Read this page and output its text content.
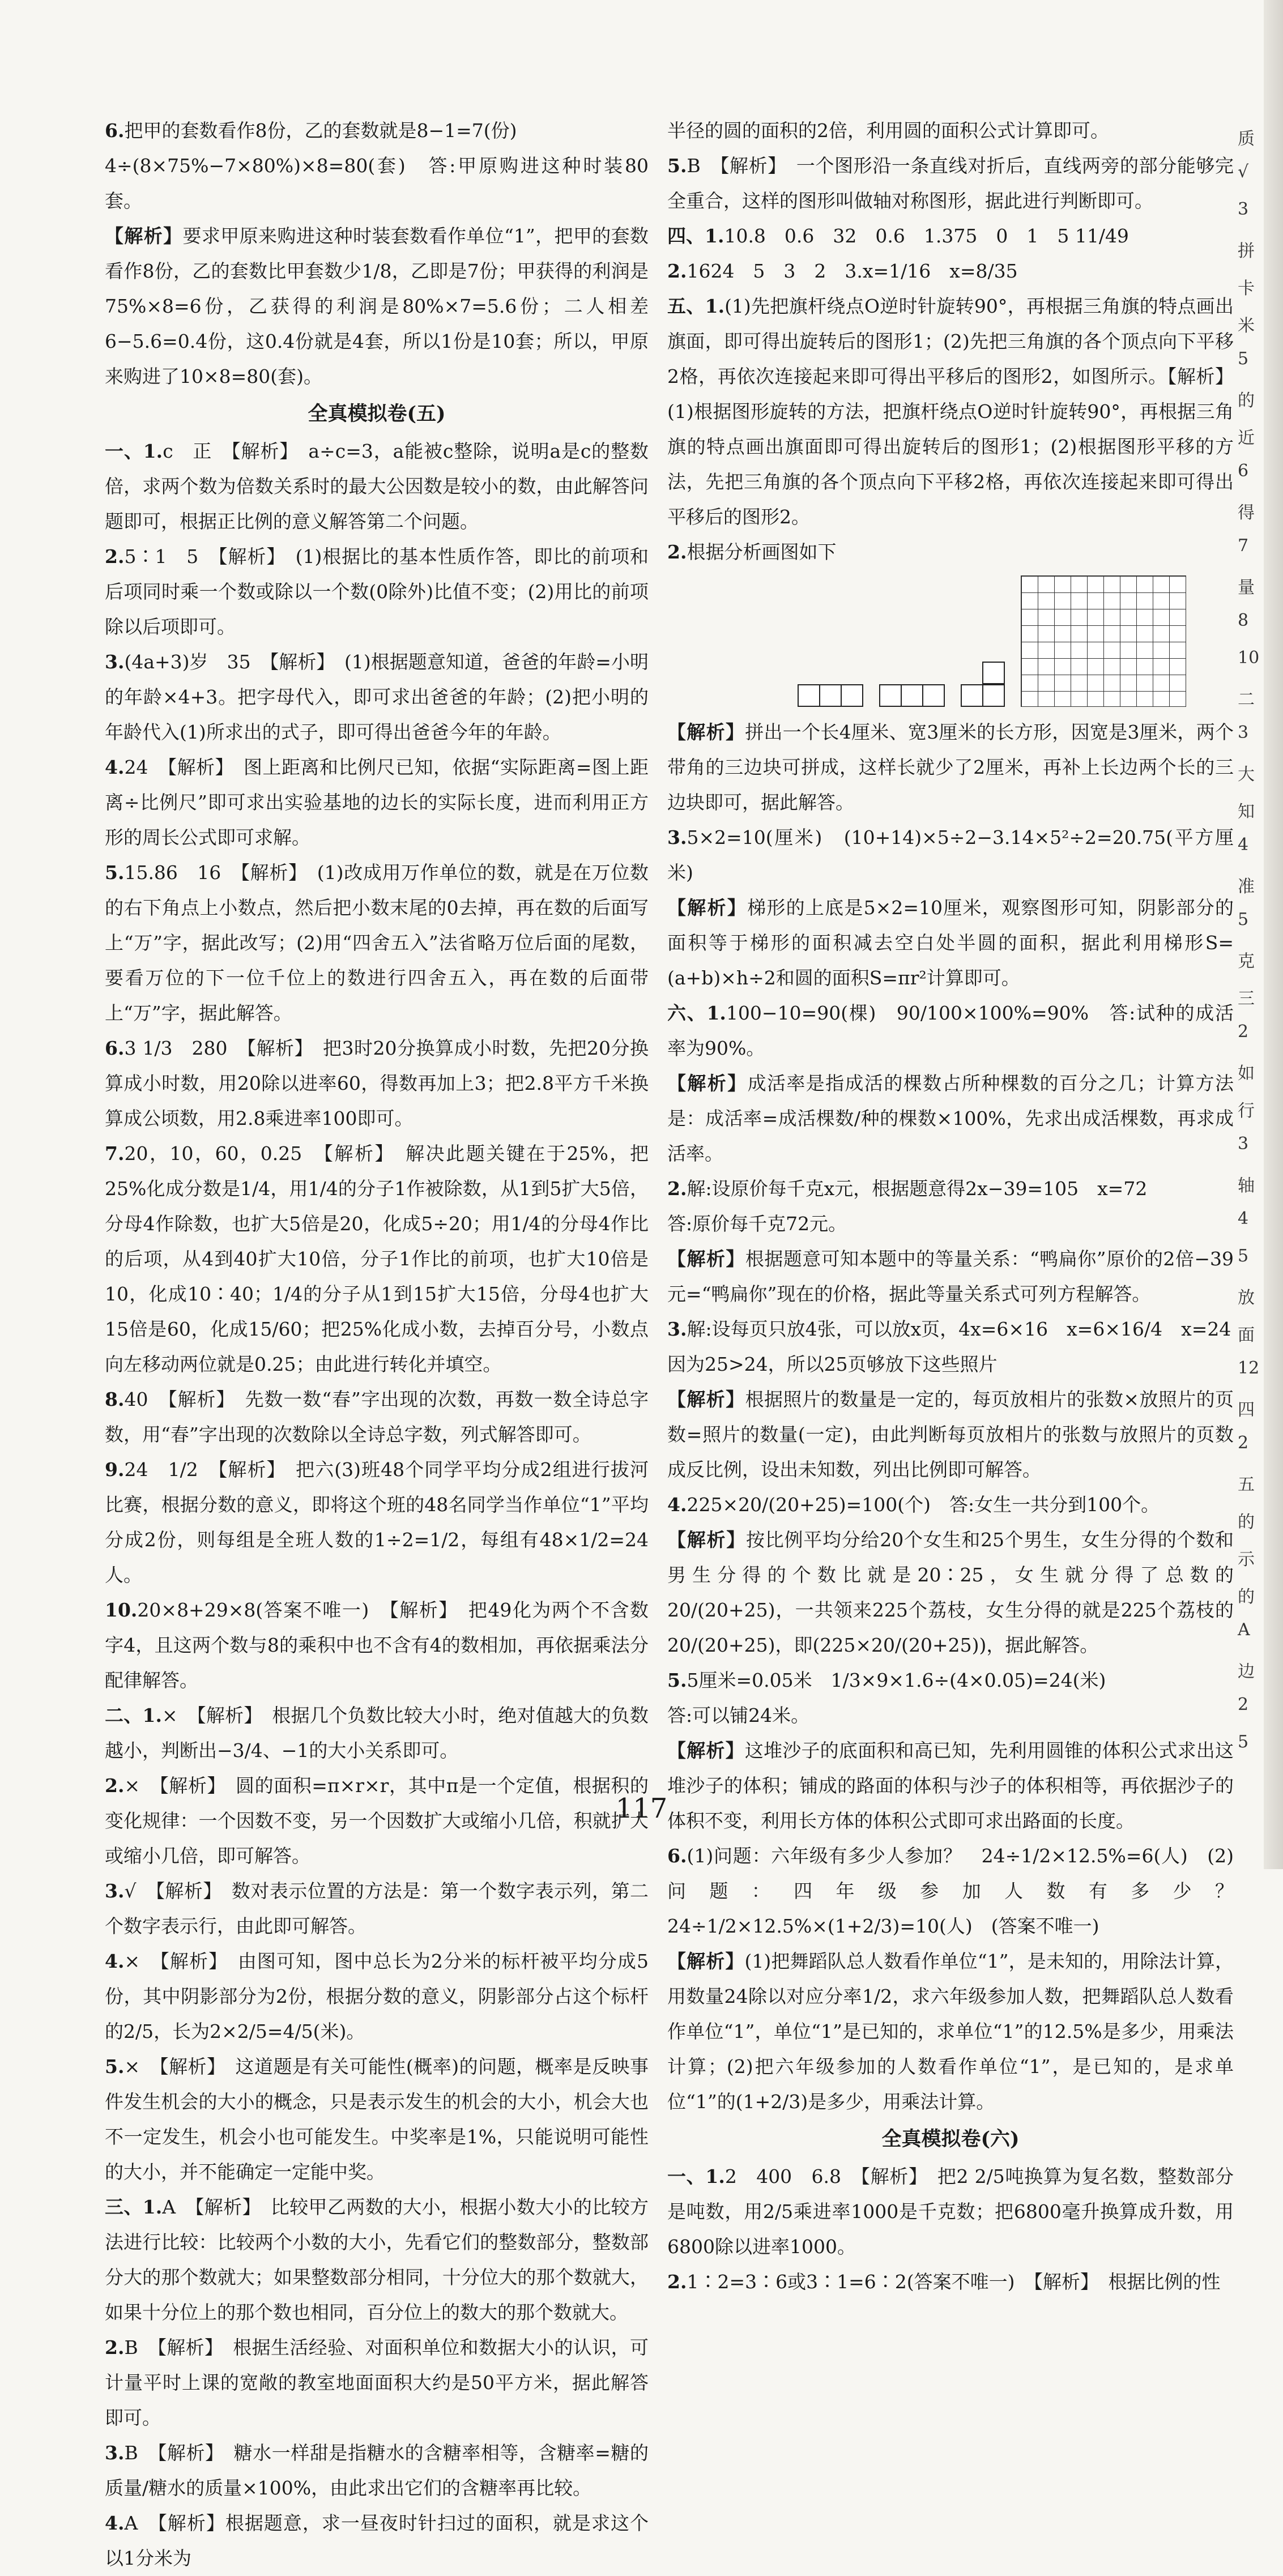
6.把甲的套数看作8份，乙的套数就是8−1=7(份)
4÷(8×75%−7×80%)×8=80(套)　答:甲原购进这种时装80套。
【解析】要求甲原来购进这种时装套数看作单位“1”，把甲的套数看作8份，乙的套数比甲套数少1/8，乙即是7份；甲获得的利润是75%×8=6份，乙获得的利润是80%×7=5.6份；二人相差6−5.6=0.4份，这0.4份就是4套，所以1份是10套；所以，甲原来购进了10×8=80(套)。
全真模拟卷(五)
一、1.c　正　【解析】　a÷c=3，a能被c整除，说明a是c的整数倍，求两个数为倍数关系时的最大公因数是较小的数，由此解答问题即可，根据正比例的意义解答第二个问题。
2.5∶1　5　【解析】　(1)根据比的基本性质作答，即比的前项和后项同时乘一个数或除以一个数(0除外)比值不变；(2)用比的前项除以后项即可。
3.(4a+3)岁　35　【解析】　(1)根据题意知道，爸爸的年龄=小明的年龄×4+3。把字母代入，即可求出爸爸的年龄；(2)把小明的年龄代入(1)所求出的式子，即可得出爸爸今年的年龄。
4.24　【解析】　图上距离和比例尺已知，依据“实际距离=图上距离÷比例尺”即可求出实验基地的边长的实际长度，进而利用正方形的周长公式即可求解。
5.15.86　16　【解析】　(1)改成用万作单位的数，就是在万位数的右下角点上小数点，然后把小数末尾的0去掉，再在数的后面写上“万”字，据此改写；(2)用“四舍五入”法省略万位后面的尾数，要看万位的下一位千位上的数进行四舍五入，再在数的后面带上“万”字，据此解答。
6.3 1/3　280　【解析】　把3时20分换算成小时数，先把20分换算成小时数，用20除以进率60，得数再加上3；把2.8平方千米换算成公顷数，用2.8乘进率100即可。
7.20，10，60，0.25　【解析】　解决此题关键在于25%，把25%化成分数是1/4，用1/4的分子1作被除数，从1到5扩大5倍，分母4作除数，也扩大5倍是20，化成5÷20；用1/4的分母4作比的后项，从4到40扩大10倍，分子1作比的前项，也扩大10倍是10，化成10∶40；1/4的分子从1到15扩大15倍，分母4也扩大15倍是60，化成15/60；把25%化成小数，去掉百分号，小数点向左移动两位就是0.25；由此进行转化并填空。
8.40　【解析】　先数一数“春”字出现的次数，再数一数全诗总字数，用“春”字出现的次数除以全诗总字数，列式解答即可。
9.24　1/2　【解析】　把六(3)班48个同学平均分成2组进行拔河比赛，根据分数的意义，即将这个班的48名同学当作单位“1”平均分成2份，则每组是全班人数的1÷2=1/2，每组有48×1/2=24人。
10.20×8+29×8(答案不唯一)　【解析】　把49化为两个不含数字4，且这两个数与8的乘积中也不含有4的数相加，再依据乘法分配律解答。
二、1.×　【解析】　根据几个负数比较大小时，绝对值越大的负数越小，判断出−3/4、−1的大小关系即可。
2.×　【解析】　圆的面积=π×r×r，其中π是一个定值，根据积的变化规律：一个因数不变，另一个因数扩大或缩小几倍，积就扩大或缩小几倍，即可解答。
3.√　【解析】　数对表示位置的方法是：第一个数字表示列，第二个数字表示行，由此即可解答。
4.×　【解析】　由图可知，图中总长为2分米的标杆被平均分成5份，其中阴影部分为2份，根据分数的意义，阴影部分占这个标杆的2/5，长为2×2/5=4/5(米)。
5.×　【解析】　这道题是有关可能性(概率)的问题，概率是反映事件发生机会的大小的概念，只是表示发生的机会的大小，机会大也不一定发生，机会小也可能发生。中奖率是1%，只能说明可能性的大小，并不能确定一定能中奖。
三、1.A　【解析】　比较甲乙两数的大小，根据小数大小的比较方法进行比较：比较两个小数的大小，先看它们的整数部分，整数部分大的那个数就大；如果整数部分相同，十分位大的那个数就大，如果十分位上的那个数也相同，百分位上的数大的那个数就大。
2.B　【解析】　根据生活经验、对面积单位和数据大小的认识，可计量平时上课的宽敞的教室地面面积大约是50平方米，据此解答即可。
3.B　【解析】　糖水一样甜是指糖水的含糖率相等，含糖率=糖的质量/糖水的质量×100%，由此求出它们的含糖率再比较。
4.A　【解析】根据题意，求一昼夜时针扫过的面积，就是求这个以1分米为
半径的圆的面积的2倍，利用圆的面积公式计算即可。
5.B　【解析】　一个图形沿一条直线对折后，直线两旁的部分能够完全重合，这样的图形叫做轴对称图形，据此进行判断即可。
四、1.10.8　0.6　32　0.6　1.375　0　1　5 11/49
2.1624　5　3　2　3.x=1/16　x=8/35
五、1.(1)先把旗杆绕点O逆时针旋转90°，再根据三角旗的特点画出旗面，即可得出旋转后的图形1；(2)先把三角旗的各个顶点向下平移2格，再依次连接起来即可得出平移后的图形2，如图所示。【解析】(1)根据图形旋转的方法，把旗杆绕点O逆时针旋转90°，再根据三角旗的特点画出旗面即可得出旋转后的图形1；(2)根据图形平移的方法，先把三角旗的各个顶点向下平移2格，再依次连接起来即可得出平移后的图形2。
2.根据分析画图如下
【解析】拼出一个长4厘米、宽3厘米的长方形，因宽是3厘米，两个带角的三边块可拼成，这样长就少了2厘米，再补上长边两个长的三边块即可，据此解答。
3.5×2=10(厘米)　(10+14)×5÷2−3.14×5²÷2=20.75(平方厘米)
【解析】梯形的上底是5×2=10厘米，观察图形可知，阴影部分的面积等于梯形的面积减去空白处半圆的面积，据此利用梯形S=(a+b)×h÷2和圆的面积S=πr²计算即可。
六、1.100−10=90(棵)　90/100×100%=90%　答:试种的成活率为90%。
【解析】成活率是指成活的棵数占所种棵数的百分之几；计算方法是：成活率=成活棵数/种的棵数×100%，先求出成活棵数，再求成活率。
2.解:设原价每千克x元，根据题意得2x−39=105　x=72
答:原价每千克72元。
【解析】根据题意可知本题中的等量关系：“鸭扁你”原价的2倍−39元=“鸭扁你”现在的价格，据此等量关系式可列方程解答。
3.解:设每页只放4张，可以放x页，4x=6×16　x=6×16/4　x=24
因为25>24，所以25页够放下这些照片
【解析】根据照片的数量是一定的，每页放相片的张数×放照片的页数=照片的数量(一定)，由此判断每页放相片的张数与放照片的页数成反比例，设出未知数，列出比例即可解答。
4.225×20/(20+25)=100(个)　答:女生一共分到100个。
【解析】按比例平均分给20个女生和25个男生，女生分得的个数和男生分得的个数比就是20∶25，女生就分得了总数的20/(20+25)，一共领来225个荔枝，女生分得的就是225个荔枝的20/(20+25)，即(225×20/(20+25))，据此解答。
5.5厘米=0.05米　1/3×9×1.6÷(4×0.05)=24(米)
答:可以铺24米。
【解析】这堆沙子的底面积和高已知，先利用圆锥的体积公式求出这堆沙子的体积；铺成的路面的体积与沙子的体积相等，再依据沙子的体积不变，利用长方体的体积公式即可求出路面的长度。
6.(1)问题：六年级有多少人参加？　24÷1/2×12.5%=6(人)　(2)问题：四年级参加人数有多少？　24÷1/2×12.5%×(1+2/3)=10(人)　(答案不唯一)
【解析】(1)把舞蹈队总人数看作单位“1”，是未知的，用除法计算，用数量24除以对应分率1/2，求六年级参加人数，把舞蹈队总人数看作单位“1”，单位“1”是已知的，求单位“1”的12.5%是多少，用乘法计算；(2)把六年级参加的人数看作单位“1”，是已知的，是求单位“1”的(1+2/3)是多少，用乘法计算。
全真模拟卷(六)
一、1.2　400　6.8　【解析】　把2 2/5吨换算为复名数，整数部分是吨数，用2/5乘进率1000是千克数；把6800毫升换算成升数，用6800除以进率1000。
2.1∶2=3∶6或3∶1=6∶2(答案不唯一)　【解析】　根据比例的性
质
√
3
拼
卡
米
5
的
近
6
得
7
量
8
10
二
3
大
知
4
准
5
克
三
2
如
行
3
轴
4
5
放
面
12
四
2
五
的
示
的
A
边
2
5
117
